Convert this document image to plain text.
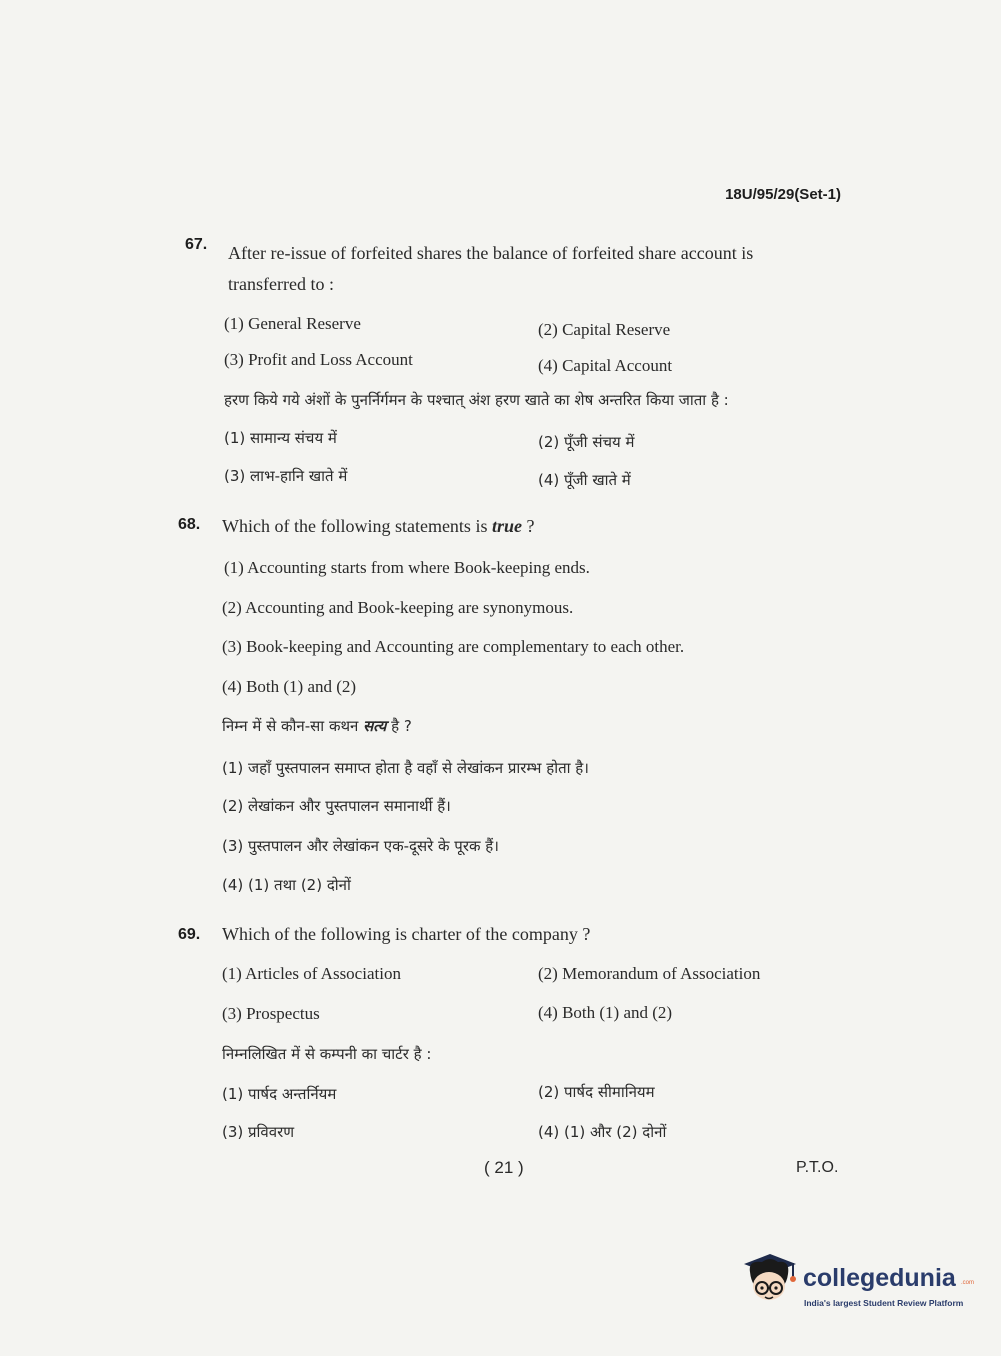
18U/95/29(Set-1)
67. After re-issue of forfeited shares the balance of forfeited share account is
transferred to :
(1) General Reserve	(2) Capital Reserve
(3) Profit and Loss Account	(4) Capital Account
हरण किये गये अंशों के पुनर्निर्गमन के पश्चात् अंश हरण खाते का शेष अन्तरित किया जाता है :
(1) सामान्य संचय में	(2) पूँजी संचय में
(3) लाभ-हानि खाते में	(4) पूँजी खाते में
68. Which of the following statements is true ?
(1) Accounting starts from where Book-keeping ends.
(2) Accounting and Book-keeping are synonymous.
(3) Book-keeping and Accounting are complementary to each other.
(4) Both (1) and (2)
निम्न में से कौन-सा कथन सत्य है ?
(1) जहाँ पुस्तपालन समाप्त होता है वहाँ से लेखांकन प्रारम्भ होता है।
(2) लेखांकन और पुस्तपालन समानार्थी हैं।
(3) पुस्तपालन और लेखांकन एक-दूसरे के पूरक हैं।
(4) (1) तथा (2) दोनों
69. Which of the following is charter of the company ?
(1) Articles of Association	(2) Memorandum of Association
(3) Prospectus	(4) Both (1) and (2)
निम्नलिखित में से कम्पनी का चार्टर है :
(1) पार्षद अन्तर्नियम	(2) पार्षद सीमानियम
(3) प्रविवरण	(4) (1) और (2) दोनों
( 21 )	P.T.O.
collegedunia .com
India's largest Student Review Platform
